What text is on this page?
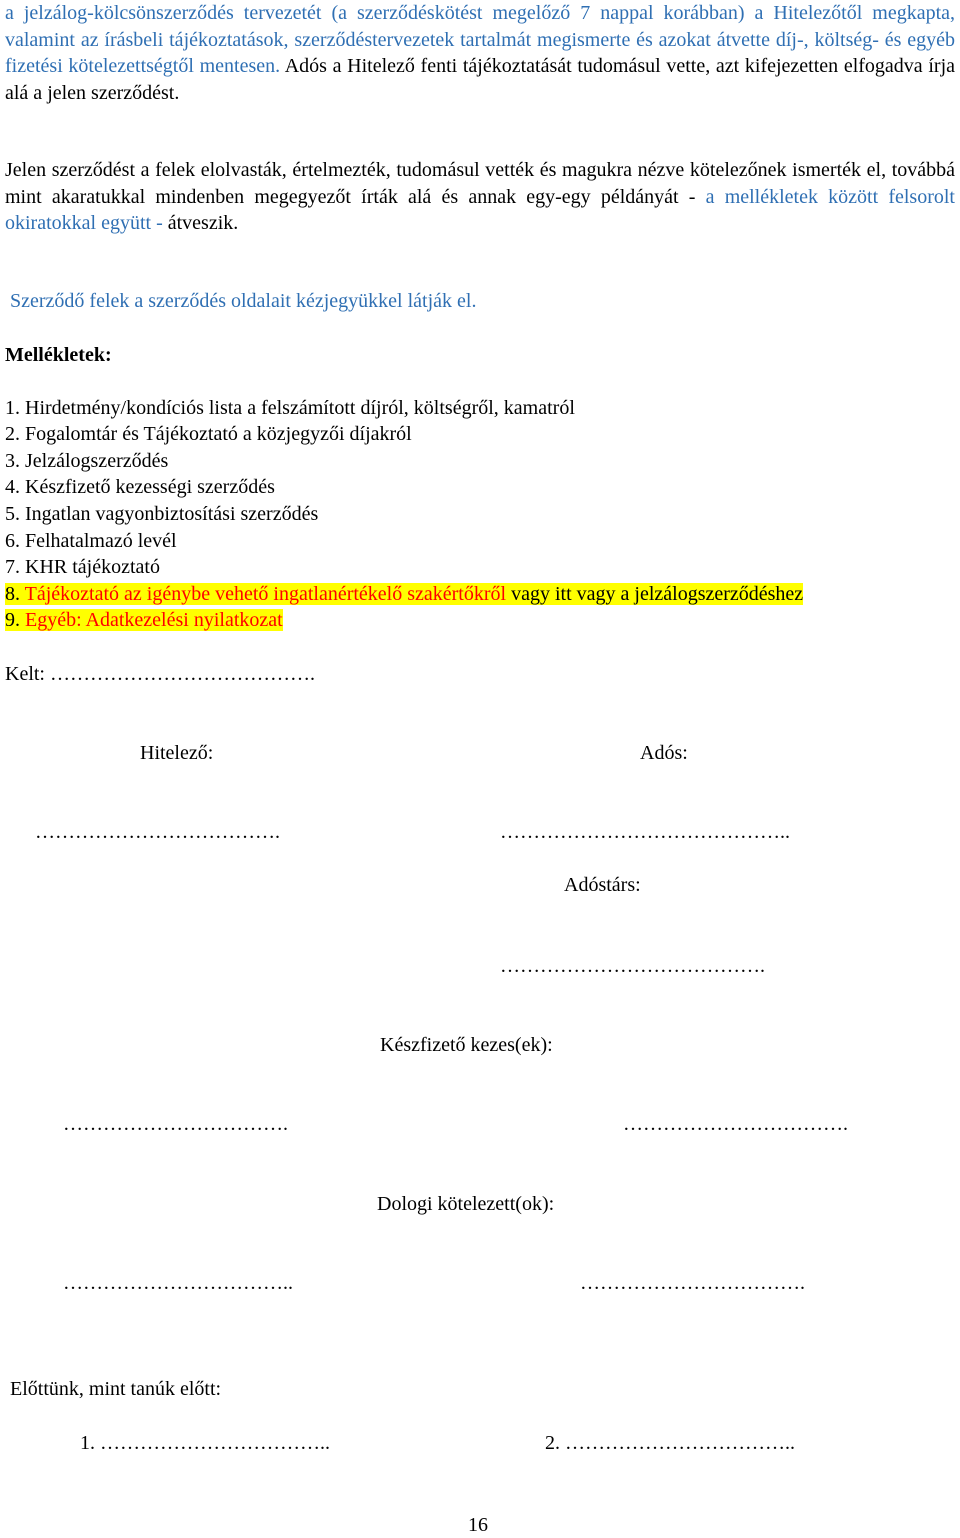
a jelzálog-kölcsönszerződés tervezetét (a szerződéskötést megelőző 7 nappal korábban) a Hitelezőtől megkapta, valamint az írásbeli tájékoztatások, szerződéstervezetek tartalmát megismerte és azokat átvette díj-, költség- és egyéb fizetési kötelezettségtől mentesen. Adós a Hitelező fenti tájékoztatását tudomásul vette, azt kifejezetten elfogadva írja alá a jelen szerződést.
Jelen szerződést a felek elolvasták, értelmezték, tudomásul vették és magukra nézve kötelezőnek ismerték el, továbbá mint akaratukkal mindenben megegyezőt írták alá és annak egy-egy példányát - a mellékletek között felsorolt okiratokkal együtt - átveszik.
Szerződő felek a szerződés oldalait kézjegyükkel látják el.
Mellékletek:
1. Hirdetmény/kondíciós lista a felszámított díjról, költségről, kamatról
2. Fogalomtár és Tájékoztató a közjegyzői díjakról
3. Jelzálogszerződés
4. Készfizető kezességi szerződés
5. Ingatlan vagyonbiztosítási szerződés
6. Felhatalmazó levél
7. KHR tájékoztató
8. Tájékoztató az igénybe vehető ingatlanértékelő szakértőkről vagy itt vagy a jelzálogszerződéshez
9. Egyéb: Adatkezelési nyilatkozat
Kelt: ………………………………….
Hitelező:	Adós:
……………………………….	……………………………………..
Adóstárs:
………………………………….
Készfizető kezes(ek):
…………………………….	…………………………….
Dologi kötelezett(ok):
……………………………..	…………………………….
Előttünk, mint tanúk előtt:
1. ……………………………..	2. ……………………………..
16
